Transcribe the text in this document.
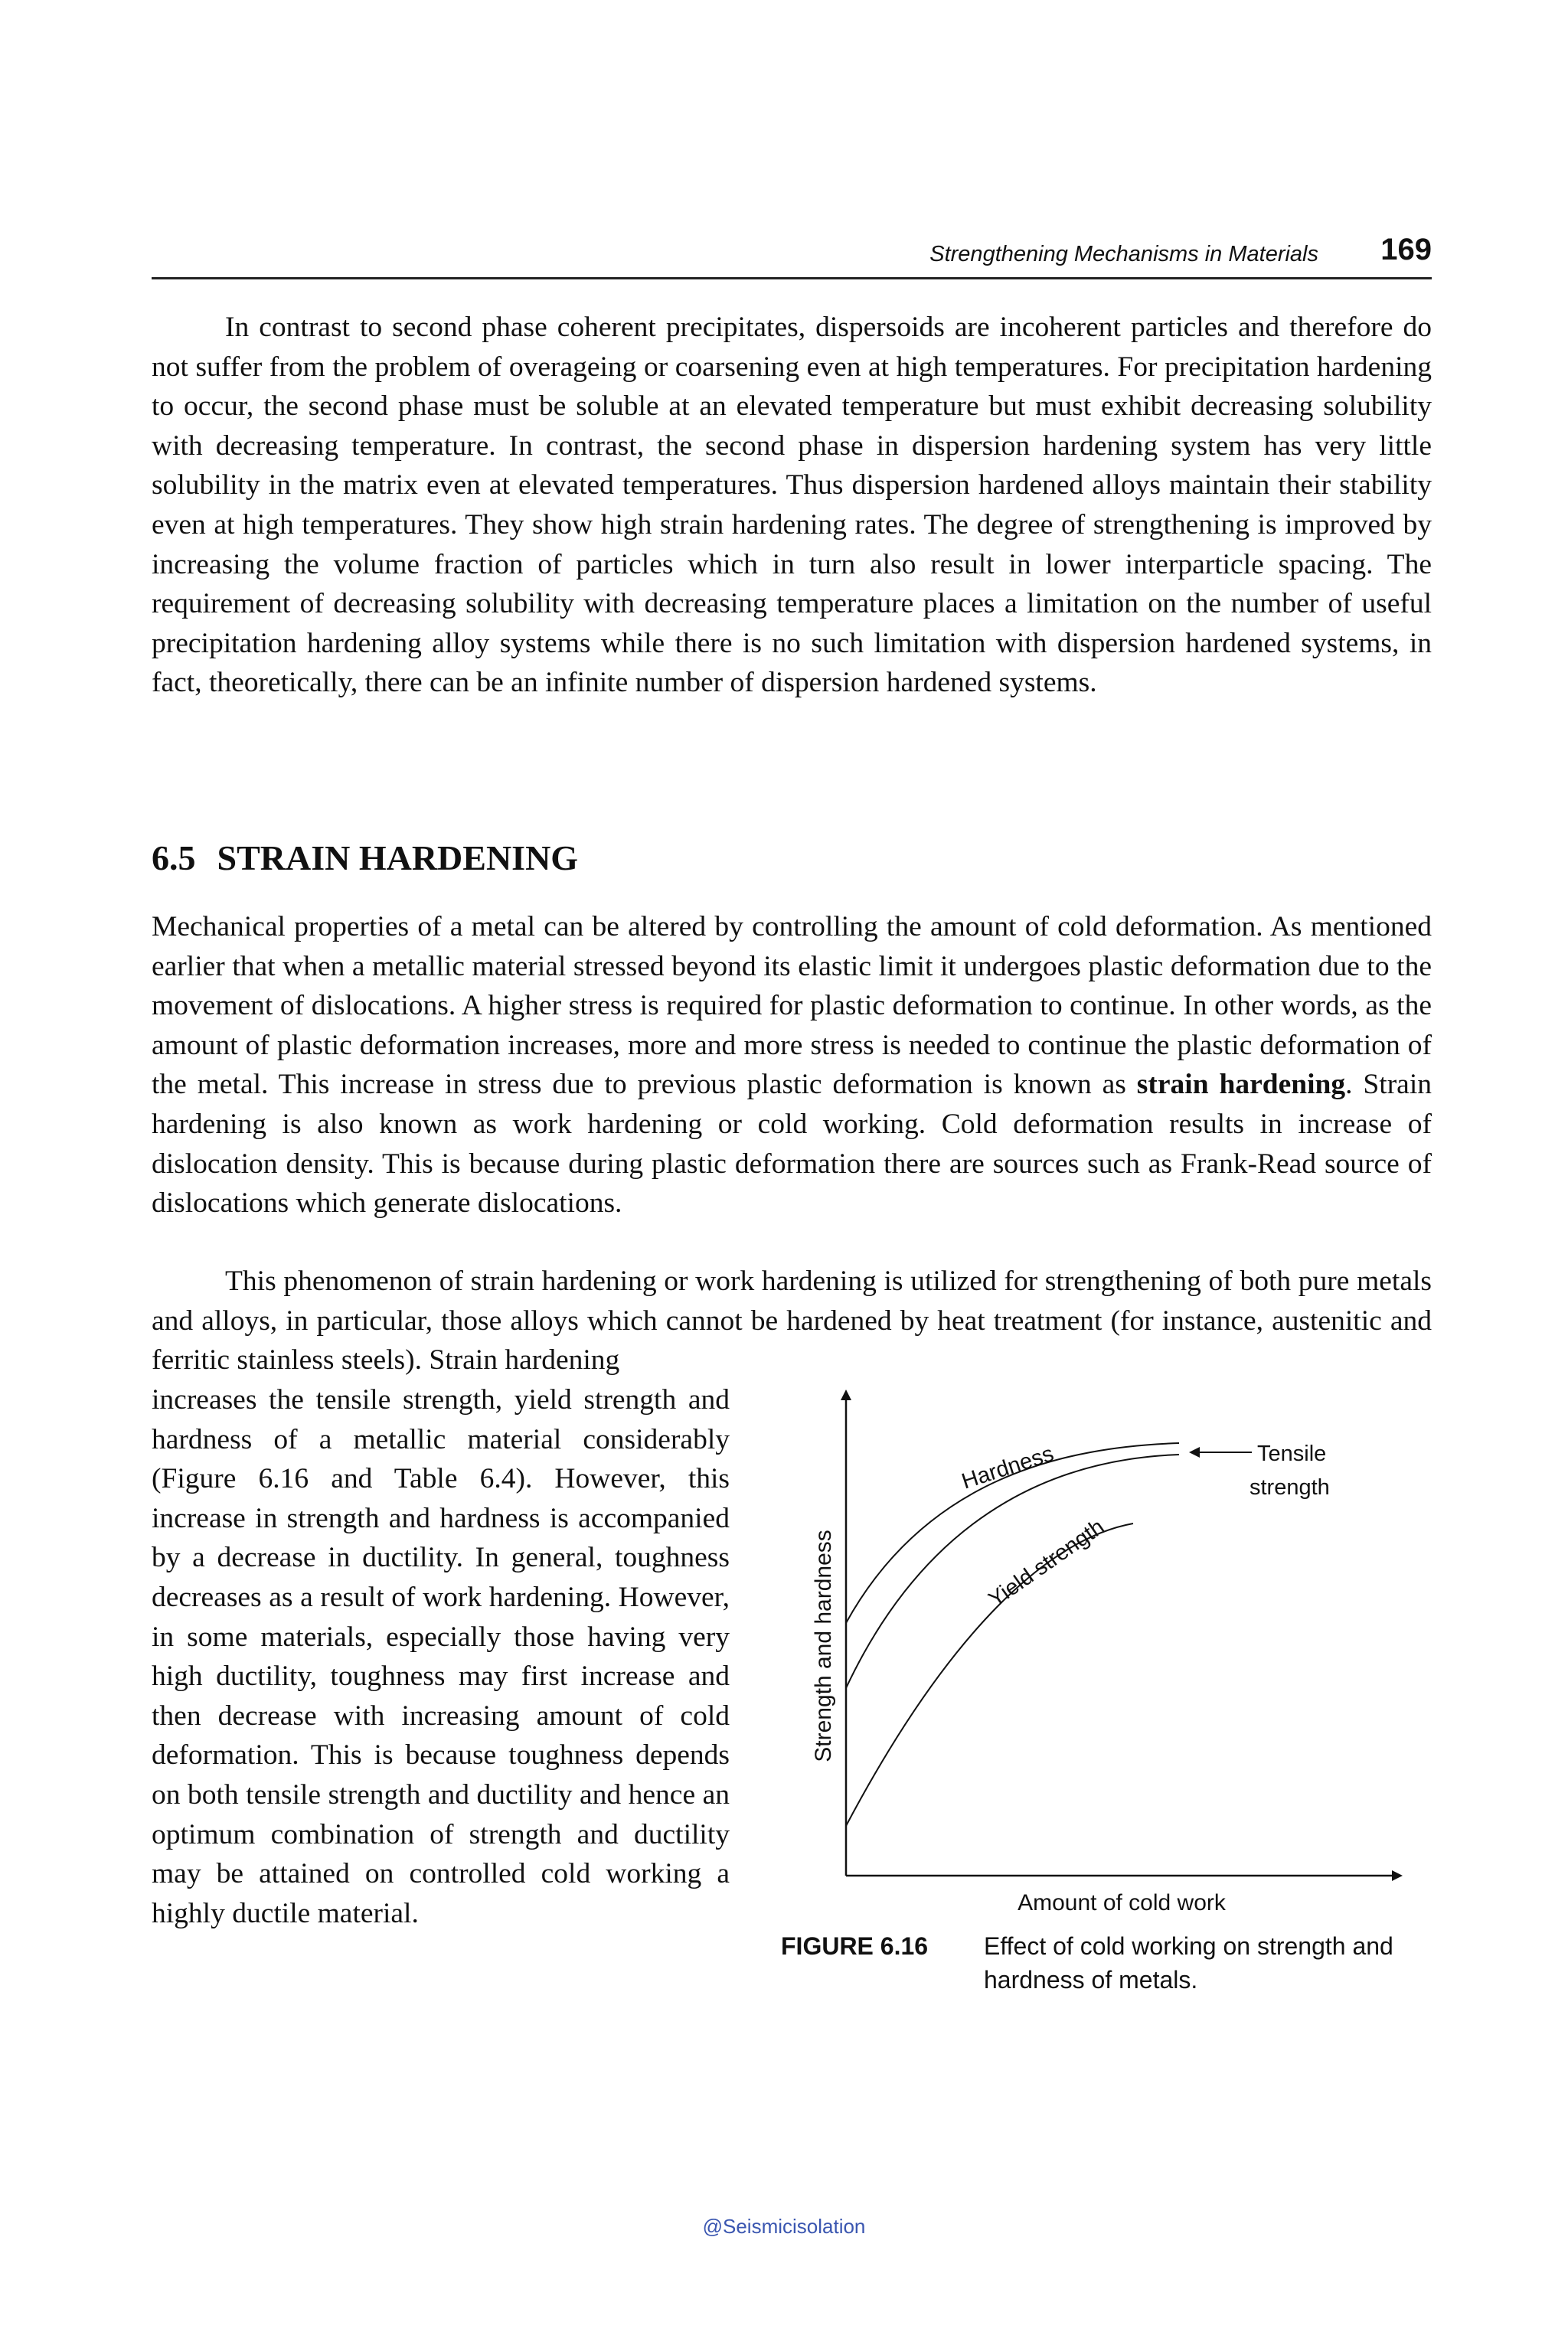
Strengthening Mechanisms in Materials 169

In contrast to second phase coherent precipitates, dispersoids are incoherent particles and therefore do not suffer from the problem of overageing or coarsening even at high temperatures. For precipitation hardening to occur, the second phase must be soluble at an elevated temperature but must exhibit decreasing solubility with decreasing temperature. In contrast, the second phase in dispersion hardening system has very little solubility in the matrix even at elevated temperatures. Thus dispersion hardened alloys maintain their stability even at high temperatures. They show high strain hardening rates. The degree of strengthening is improved by increasing the volume fraction of particles which in turn also result in lower interparticle spacing. The requirement of decreasing solubility with decreasing temperature places a limitation on the number of useful precipitation hardening alloy systems while there is no such limitation with dispersion hardened systems, in fact, theoretically, there can be an infinite number of dispersion hardened systems.

6.5 STRAIN HARDENING

Mechanical properties of a metal can be altered by controlling the amount of cold deformation. As mentioned earlier that when a metallic material stressed beyond its elastic limit it undergoes plastic deformation due to the movement of dislocations. A higher stress is required for plastic deformation to continue. In other words, as the amount of plastic deformation increases, more and more stress is needed to continue the plastic deformation of the metal. This increase in stress due to previous plastic deformation is known as strain hardening. Strain hardening is also known as work hardening or cold working. Cold deformation results in increase of dislocation density. This is because during plastic deformation there are sources such as Frank-Read source of dislocations which generate dislocations.

This phenomenon of strain hardening or work hardening is utilized for strengthening of both pure metals and alloys, in particular, those alloys which cannot be hardened by heat treatment (for instance, austenitic and ferritic stainless steels). Strain hardening

increases the tensile strength, yield strength and hardness of a metallic material considerably (Figure 6.16 and Table 6.4). However, this increase in strength and hardness is accompanied by a decrease in ductility. In general, toughness decreases as a result of work hardening. However, in some materials, especially those having very high ductility, toughness may first increase and then decrease with increasing amount of cold deformation. This is because toughness depends on both tensile strength and ductility and hence an optimum combination of strength and ductility may be attained on controlled cold working a highly ductile material.

Tensile
strength
Hardness
Yield strength
Strength and hardness
Amount of cold work
FIGURE 6.16 Effect of cold working on strength and hardness of metals.
@Seismicisolation
